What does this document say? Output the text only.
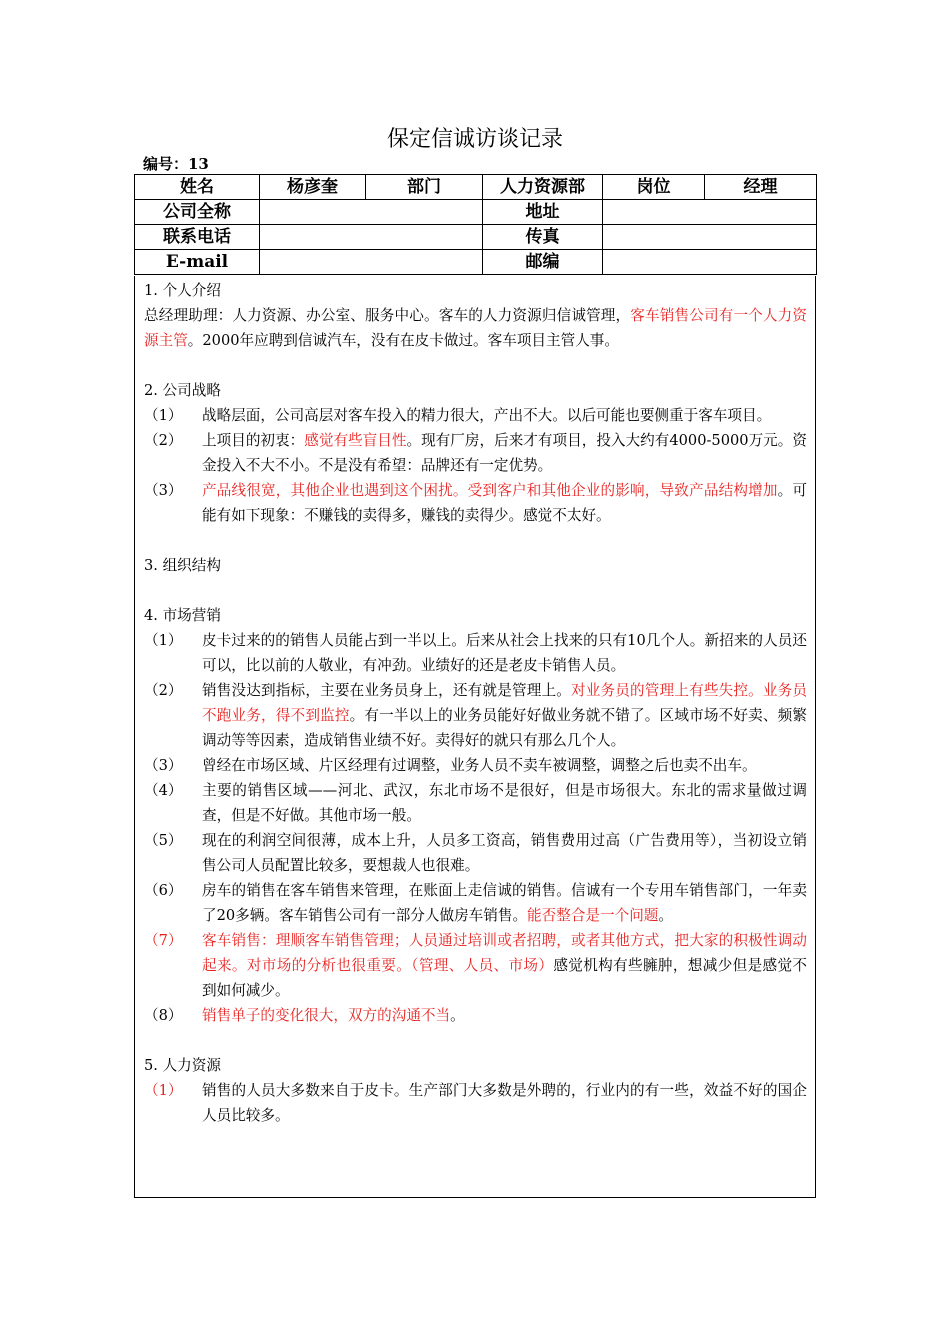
保定信诚访谈记录
编号：13
姓名	杨彦奎	部门	人力资源部	岗位	经理
公司全称			地址		
联系电话			传真		
E-mail			邮编		
1. 个人介绍
总经理助理：人力资源、办公室、服务中心。客车的人力资源归信诚管理，客车销售公司有一个人力资源主管。2000年应聘到信诚汽车，没有在皮卡做过。客车项目主管人事。
2. 公司战略
（1）	战略层面，公司高层对客车投入的精力很大，产出不大。以后可能也要侧重于客车项目。
（2）	上项目的初衷：感觉有些盲目性。现有厂房，后来才有项目，投入大约有4000-5000万元。资金投入不大不小。不是没有希望：品牌还有一定优势。
（3）	产品线很宽，其他企业也遇到这个困扰。受到客户和其他企业的影响，导致产品结构增加。可能有如下现象：不赚钱的卖得多，赚钱的卖得少。感觉不太好。
3. 组织结构
4. 市场营销
（1）	皮卡过来的的销售人员能占到一半以上。后来从社会上找来的只有10几个人。新招来的人员还可以，比以前的人敬业，有冲劲。业绩好的还是老皮卡销售人员。
（2）	销售没达到指标，主要在业务员身上，还有就是管理上。对业务员的管理上有些失控。业务员不跑业务，得不到监控。有一半以上的业务员能好好做业务就不错了。区域市场不好卖、频繁调动等等因素，造成销售业绩不好。卖得好的就只有那么几个人。
（3）	曾经在市场区域、片区经理有过调整，业务人员不卖车被调整，调整之后也卖不出车。
（4）	主要的销售区域——河北、武汉，东北市场不是很好，但是市场很大。东北的需求量做过调查，但是不好做。其他市场一般。
（5）	现在的利润空间很薄，成本上升，人员多工资高，销售费用过高（广告费用等），当初设立销售公司人员配置比较多，要想裁人也很难。
（6）	房车的销售在客车销售来管理，在账面上走信诚的销售。信诚有一个专用车销售部门，一年卖了20多辆。客车销售公司有一部分人做房车销售。能否整合是一个问题。
（7）	客车销售：理顺客车销售管理；人员通过培训或者招聘，或者其他方式，把大家的积极性调动起来。对市场的分析也很重要。（管理、人员、市场）感觉机构有些臃肿，想减少但是感觉不到如何减少。
（8）	销售单子的变化很大，双方的沟通不当。
5. 人力资源
（1）	销售的人员大多数来自于皮卡。生产部门大多数是外聘的，行业内的有一些，效益不好的国企人员比较多。
